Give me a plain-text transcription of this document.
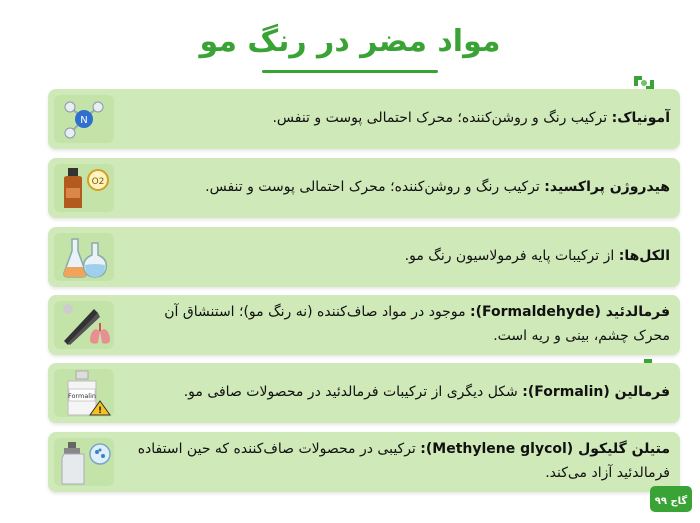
مواد مضر در رنگ مو
N	آمونیاک: ترکیب رنگ و روشن‌کننده؛ محرک احتمالی پوست و تنفس.
O2	هیدروژن پراکسید: ترکیب رنگ و روشن‌کننده؛ محرک احتمالی پوست و تنفس.
الکل‌ها: از ترکیبات پایه فرمولاسیون رنگ مو.
فرمالدئید (Formaldehyde): موجود در مواد صاف‌کننده (نه رنگ مو)؛ استنشاق آن محرک چشم، بینی و ریه است.
Formalin
!
فرمالین (Formalin): شکل دیگری از ترکیبات فرمالدئید در محصولات صافی مو.
متیلن گلیکول (Methylene glycol): ترکیبی در محصولات صاف‌کننده که حین استفاده فرمالدئید آزاد می‌کند.
گاج ۹۹
